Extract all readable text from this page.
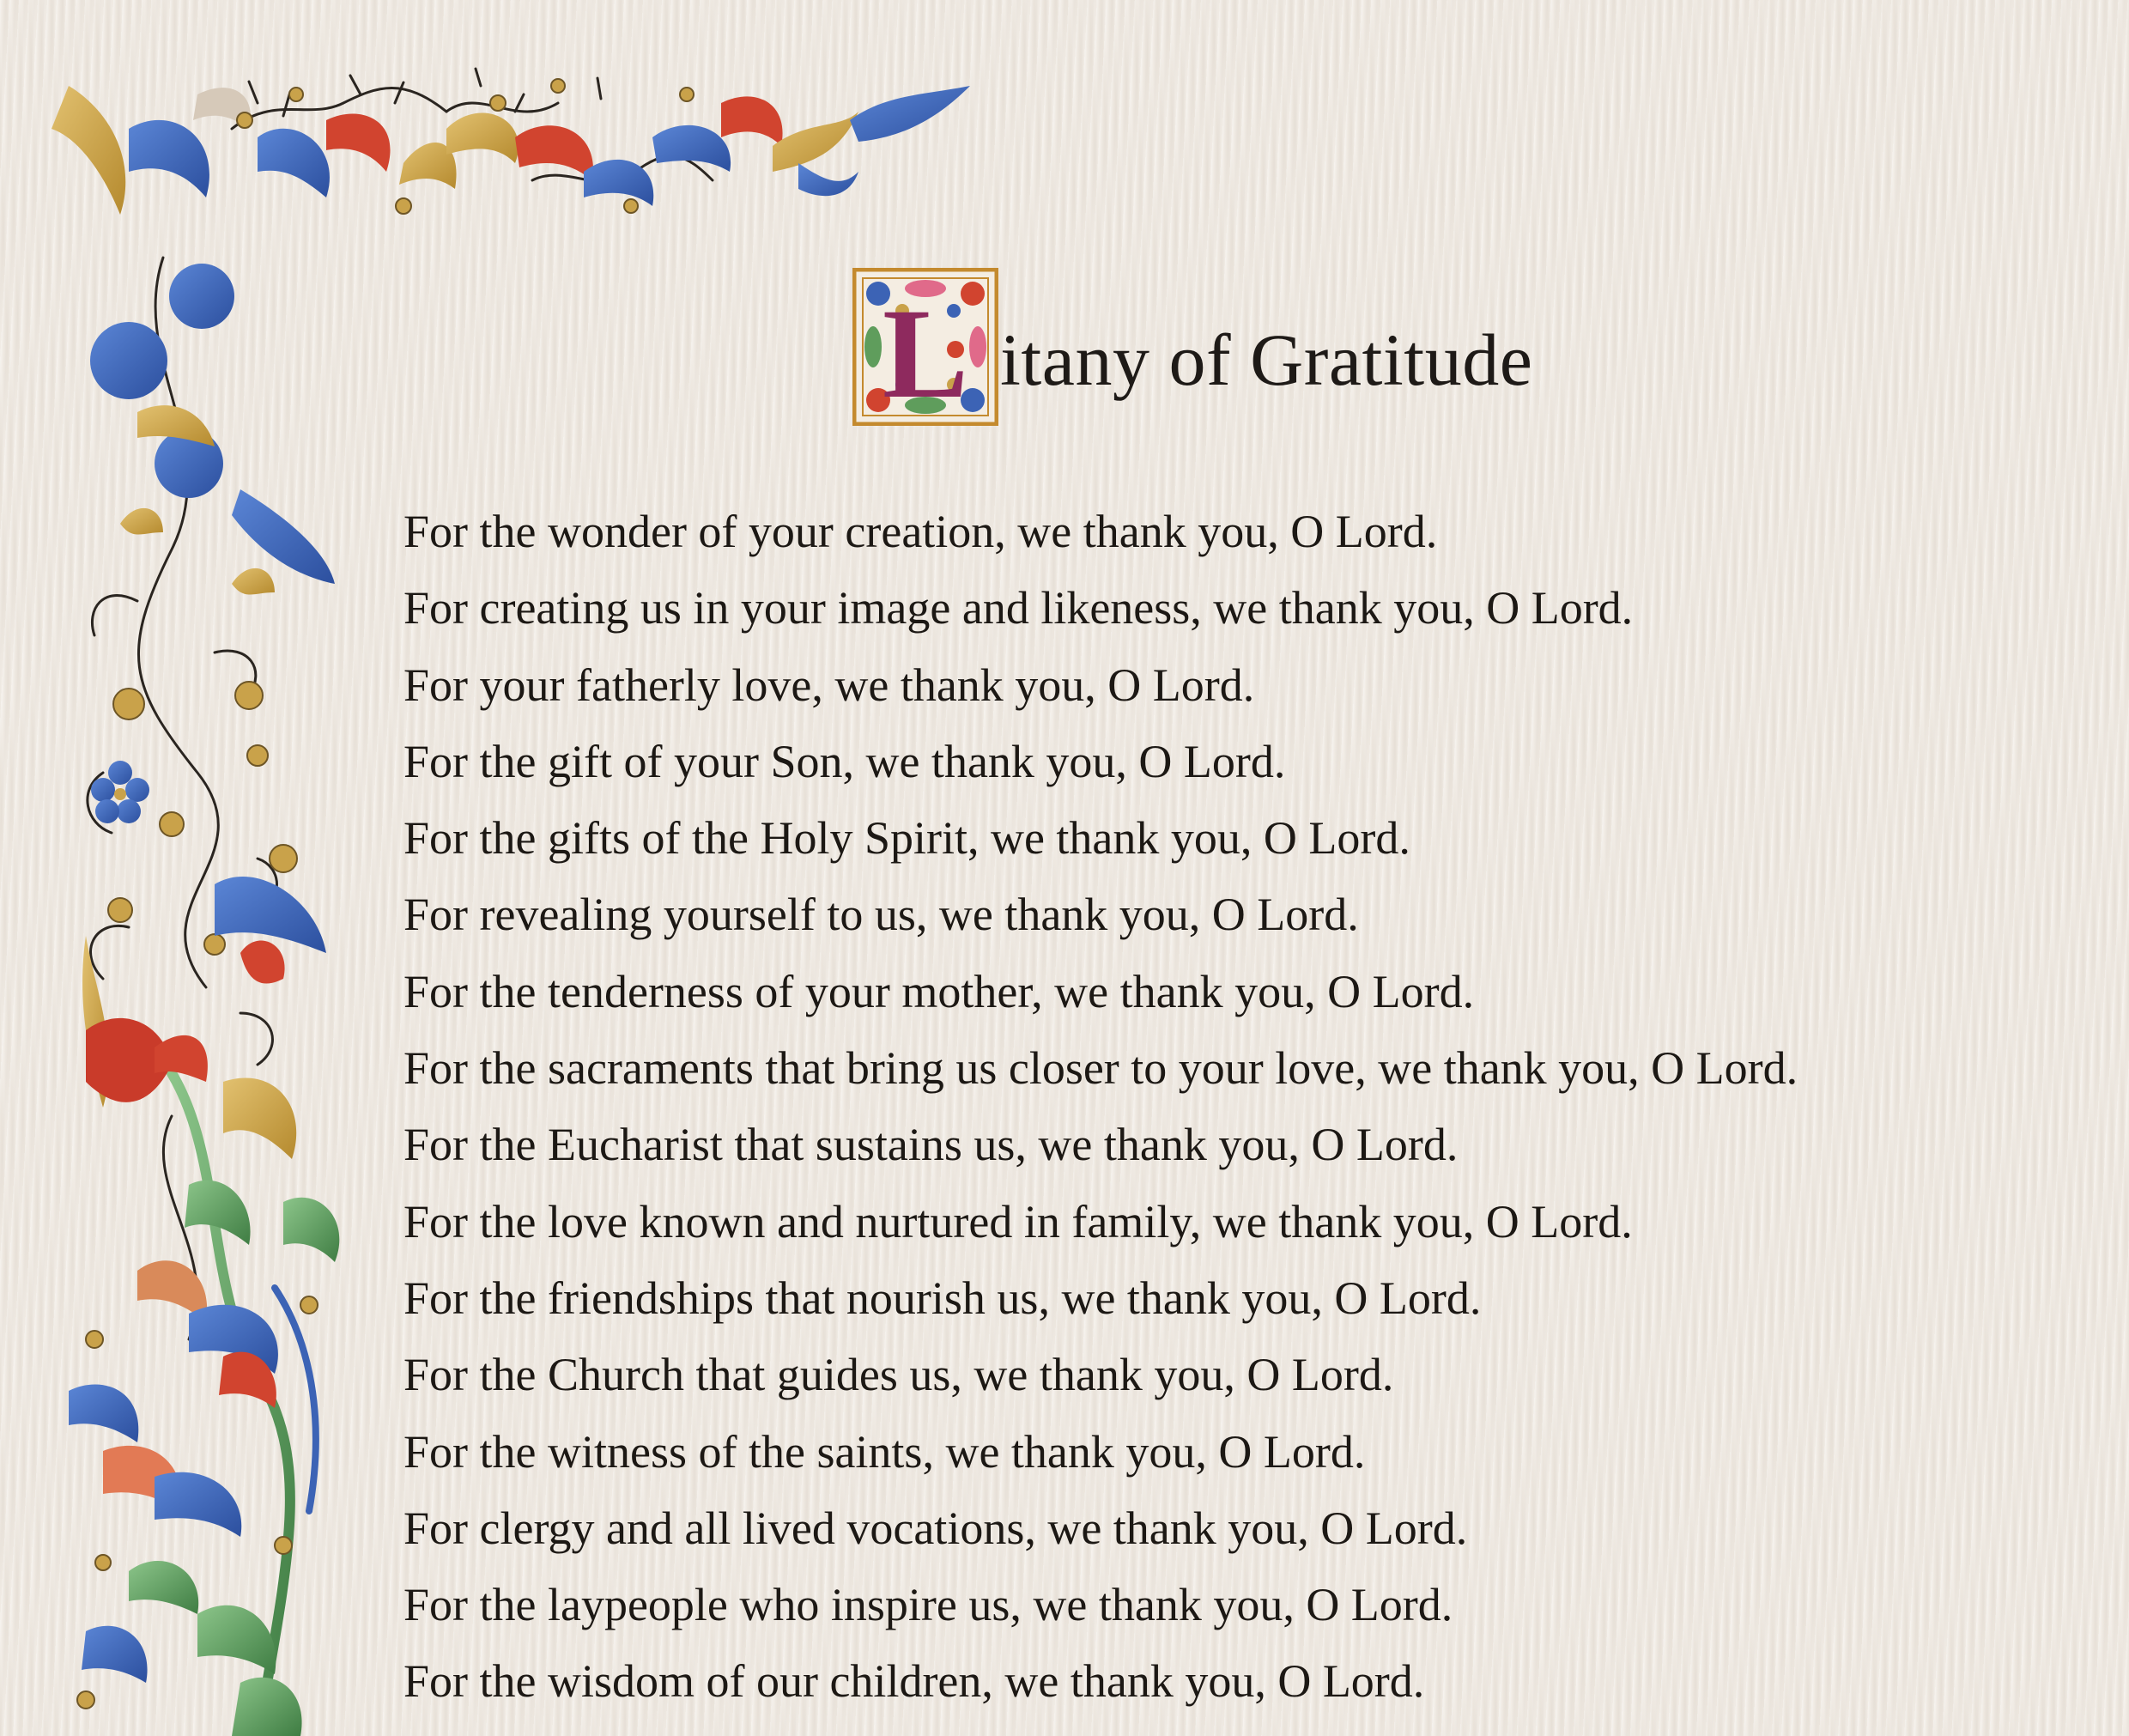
L itany of Gratitude
For the wonder of your creation, we thank you, O Lord.
For creating us in your image and likeness, we thank you, O Lord.
For your fatherly love, we thank you, O Lord.
For the gift of your Son, we thank you, O Lord.
For the gifts of the Holy Spirit, we thank you, O Lord.
For revealing yourself to us, we thank you, O Lord.
For the tenderness of your mother, we thank you, O Lord.
For the sacraments that bring us closer to your love, we thank you, O Lord.
For the Eucharist that sustains us, we thank you, O Lord.
For the love known and nurtured in family, we thank you, O Lord.
For the friendships that nourish us, we thank you, O Lord.
For the Church that guides us, we thank you, O Lord.
For the witness of the saints, we thank you, O Lord.
For clergy and all lived vocations, we thank you, O Lord.
For the laypeople who inspire us, we thank you, O Lord.
For the wisdom of our children, we thank you, O Lord.
